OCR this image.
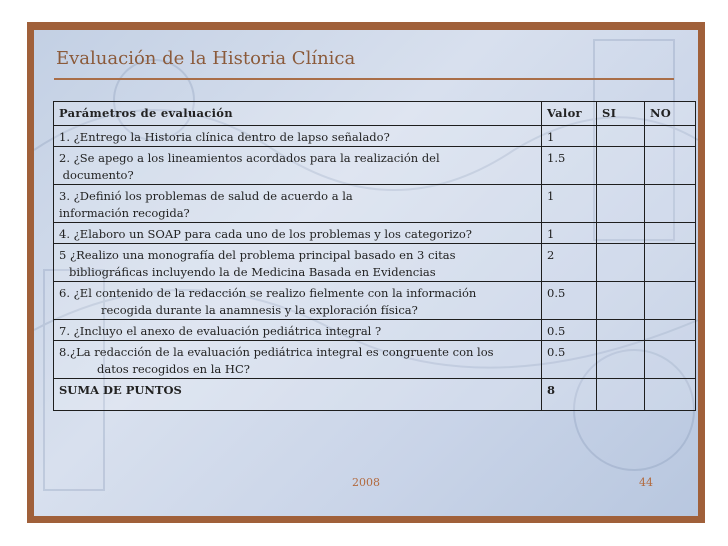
Evaluación de la Historia Clínica
Parámetros de evaluación	Valor	SI	NO

1. ¿Entrego la Historia clínica dentro de lapso señalado?	1		

2. ¿Se apego a los lineamientos acordados para la realización del
documento?	1.5		

3. ¿Definió los problemas de salud de acuerdo a la
información recogida?	1		

4. ¿Elaboro un SOAP para cada uno de los problemas y los categorizo?	1		

5 ¿Realizo una monografía del problema principal basado en 3 citas
bibliográficas incluyendo la de Medicina Basada en Evidencias	2		

6. ¿El contenido de la redacción se realizo fielmente con la información
recogida durante la anamnesis y la exploración física?	0.5		

7. ¿Incluyo el anexo de evaluación pediátrica integral ?	0.5		

8.¿La redacción de la evaluación pediátrica integral es congruente con los
datos recogidos en la HC?	0.5		
SUMA DE PUNTOS	8		
2008	44
